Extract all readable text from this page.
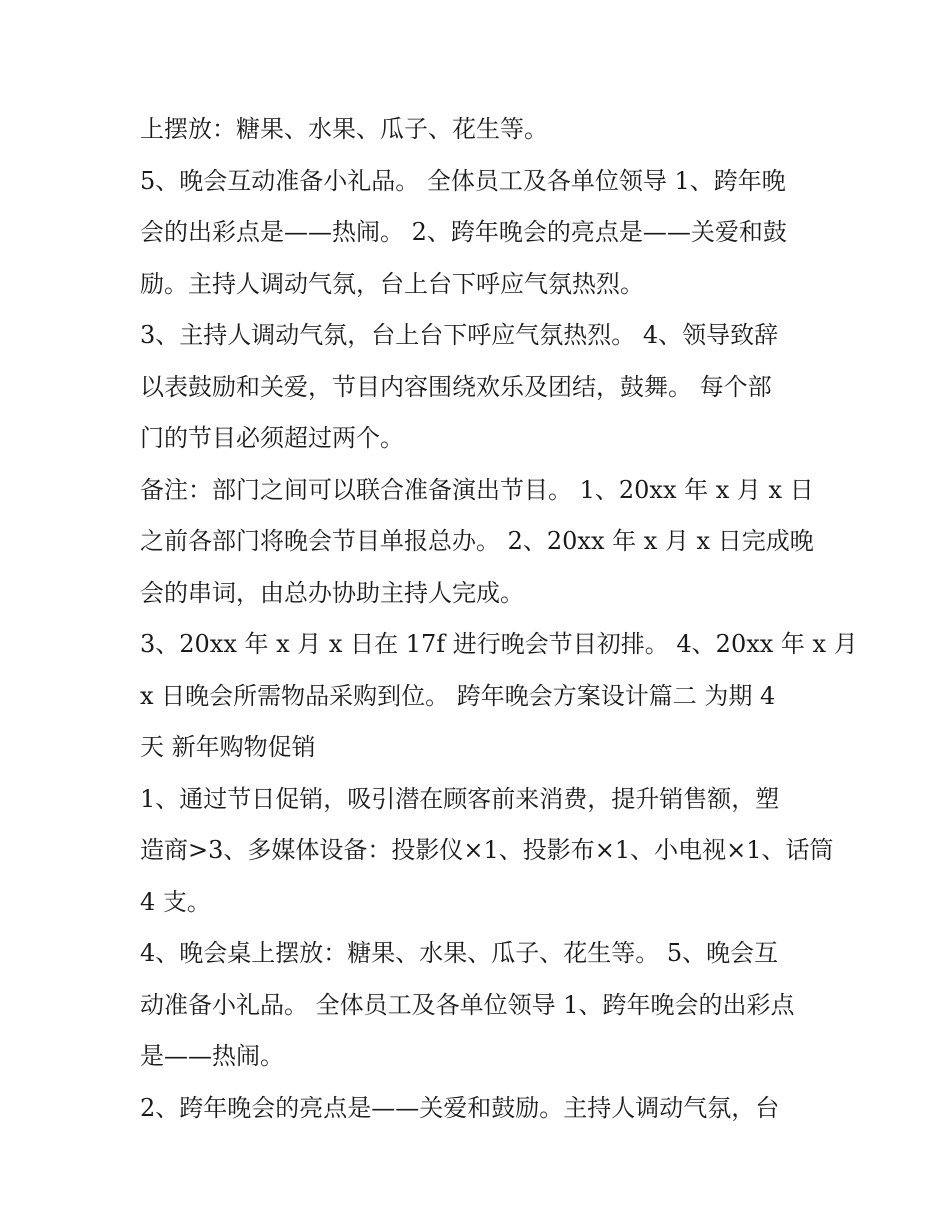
上摆放：糖果、水果、瓜子、花生等。

5、晚会互动准备小礼品。 全体员工及各单位领导 1、跨年晚
会的出彩点是——热闹。 2、跨年晚会的亮点是——关爱和鼓
励。主持人调动气氛，台上台下呼应气氛热烈。

3、主持人调动气氛，台上台下呼应气氛热烈。 4、领导致辞
以表鼓励和关爱，节目内容围绕欢乐及团结，鼓舞。 每个部
门的节目必须超过两个。

备注：部门之间可以联合准备演出节目。 1、20xx 年 x 月 x 日
之前各部门将晚会节目单报总办。 2、20xx 年 x 月 x 日完成晚
会的串词，由总办协助主持人完成。

3、20xx 年 x 月 x 日在 17f 进行晚会节目初排。 4、20xx 年 x 月
x 日晚会所需物品采购到位。 跨年晚会方案设计篇二 为期 4
天 新年购物促销

1、通过节日促销，吸引潜在顾客前来消费，提升销售额，塑
造商>3、多媒体设备：投影仪×1、投影布×1、小电视×1、话筒
4 支。

4、晚会桌上摆放：糖果、水果、瓜子、花生等。 5、晚会互
动准备小礼品。 全体员工及各单位领导 1、跨年晚会的出彩点
是——热闹。

2、跨年晚会的亮点是——关爱和鼓励。主持人调动气氛，台
